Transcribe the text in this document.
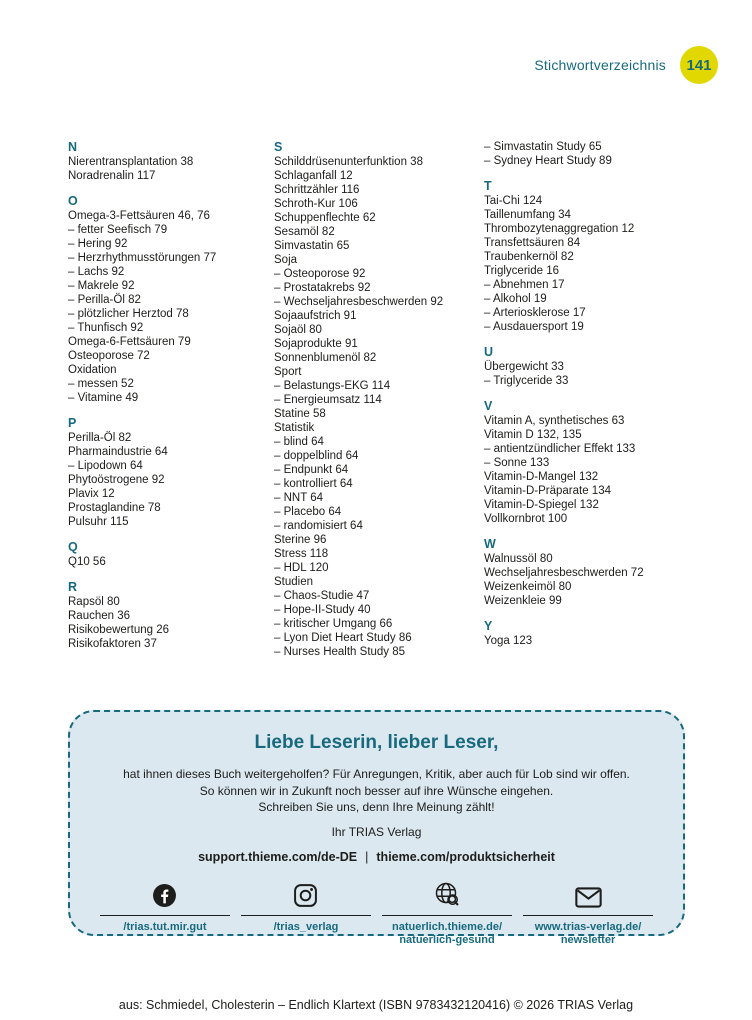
Stichwortverzeichnis	141
N
Nierentransplantation 38
Noradrenalin 117
O
Omega-3-Fettsäuren 46, 76
– fetter Seefisch 79
– Hering 92
– Herzrhythmusstörungen 77
– Lachs 92
– Makrele 92
– Perilla-Öl 82
– plötzlicher Herztod 78
– Thunfisch 92
Omega-6-Fettsäuren 79
Osteoporose 72
Oxidation
– messen 52
– Vitamine 49
P
Perilla-Öl 82
Pharmaindustrie 64
– Lipodown 64
Phytoöstrogene 92
Plavix 12
Prostaglandine 78
Pulsuhr 115
Q
Q10 56
R
Rapsöl 80
Rauchen 36
Risikobewertung 26
Risikofaktoren 37
S
Schilddrüsenunterfunktion 38
Schlaganfall 12
Schrittzähler 116
Schroth-Kur 106
Schuppenflechte 62
Sesamöl 82
Simvastatin 65
Soja
– Osteoporose 92
– Prostatakrebs 92
– Wechseljahresbeschwerden 92
Sojaaufstrich 91
Sojaöl 80
Sojaprodukte 91
Sonnenblumenöl 82
Sport
– Belastungs-EKG 114
– Energieumsatz 114
Statine 58
Statistik
– blind 64
– doppelblind 64
– Endpunkt 64
– kontrolliert 64
– NNT 64
– Placebo 64
– randomisiert 64
Sterine 96
Stress 118
– HDL 120
Studien
– Chaos-Studie 47
– Hope-II-Study 40
– kritischer Umgang 66
– Lyon Diet Heart Study 86
– Nurses Health Study 85
– Simvastatin Study 65
– Sydney Heart Study 89
T
Tai-Chi 124
Taillenumfang 34
Thrombozytenaggregation 12
Transfettsäuren 84
Traubenkernöl 82
Triglyceride 16
– Abnehmen 17
– Alkohol 19
– Arteriosklerose 17
– Ausdauersport 19
U
Übergewicht 33
– Triglyceride 33
V
Vitamin A, synthetisches 63
Vitamin D 132, 135
– antientzündlicher Effekt 133
– Sonne 133
Vitamin-D-Mangel 132
Vitamin-D-Präparate 134
Vitamin-D-Spiegel 132
Vollkornbrot 100
W
Walnussöl 80
Wechseljahresbeschwerden 72
Weizenkeimöl 80
Weizenkleie 99
Y
Yoga 123
Liebe Leserin, lieber Leser,
hat ihnen dieses Buch weitergeholfen? Für Anregungen, Kritik, aber auch für Lob sind wir offen.
So können wir in Zukunft noch besser auf ihre Wünsche eingehen.
Schreiben Sie uns, denn Ihre Meinung zählt!
Ihr TRIAS Verlag
support.thieme.com/de-DE | thieme.com/produktsicherheit
/trias.tut.mir.gut	/trias_verlag	natuerlich.thieme.de/
natuerlich-gesund
www.trias-verlag.de/
newsletter
aus: Schmiedel, Cholesterin – Endlich Klartext (ISBN 9783432120416) © 2026 TRIAS Verlag
